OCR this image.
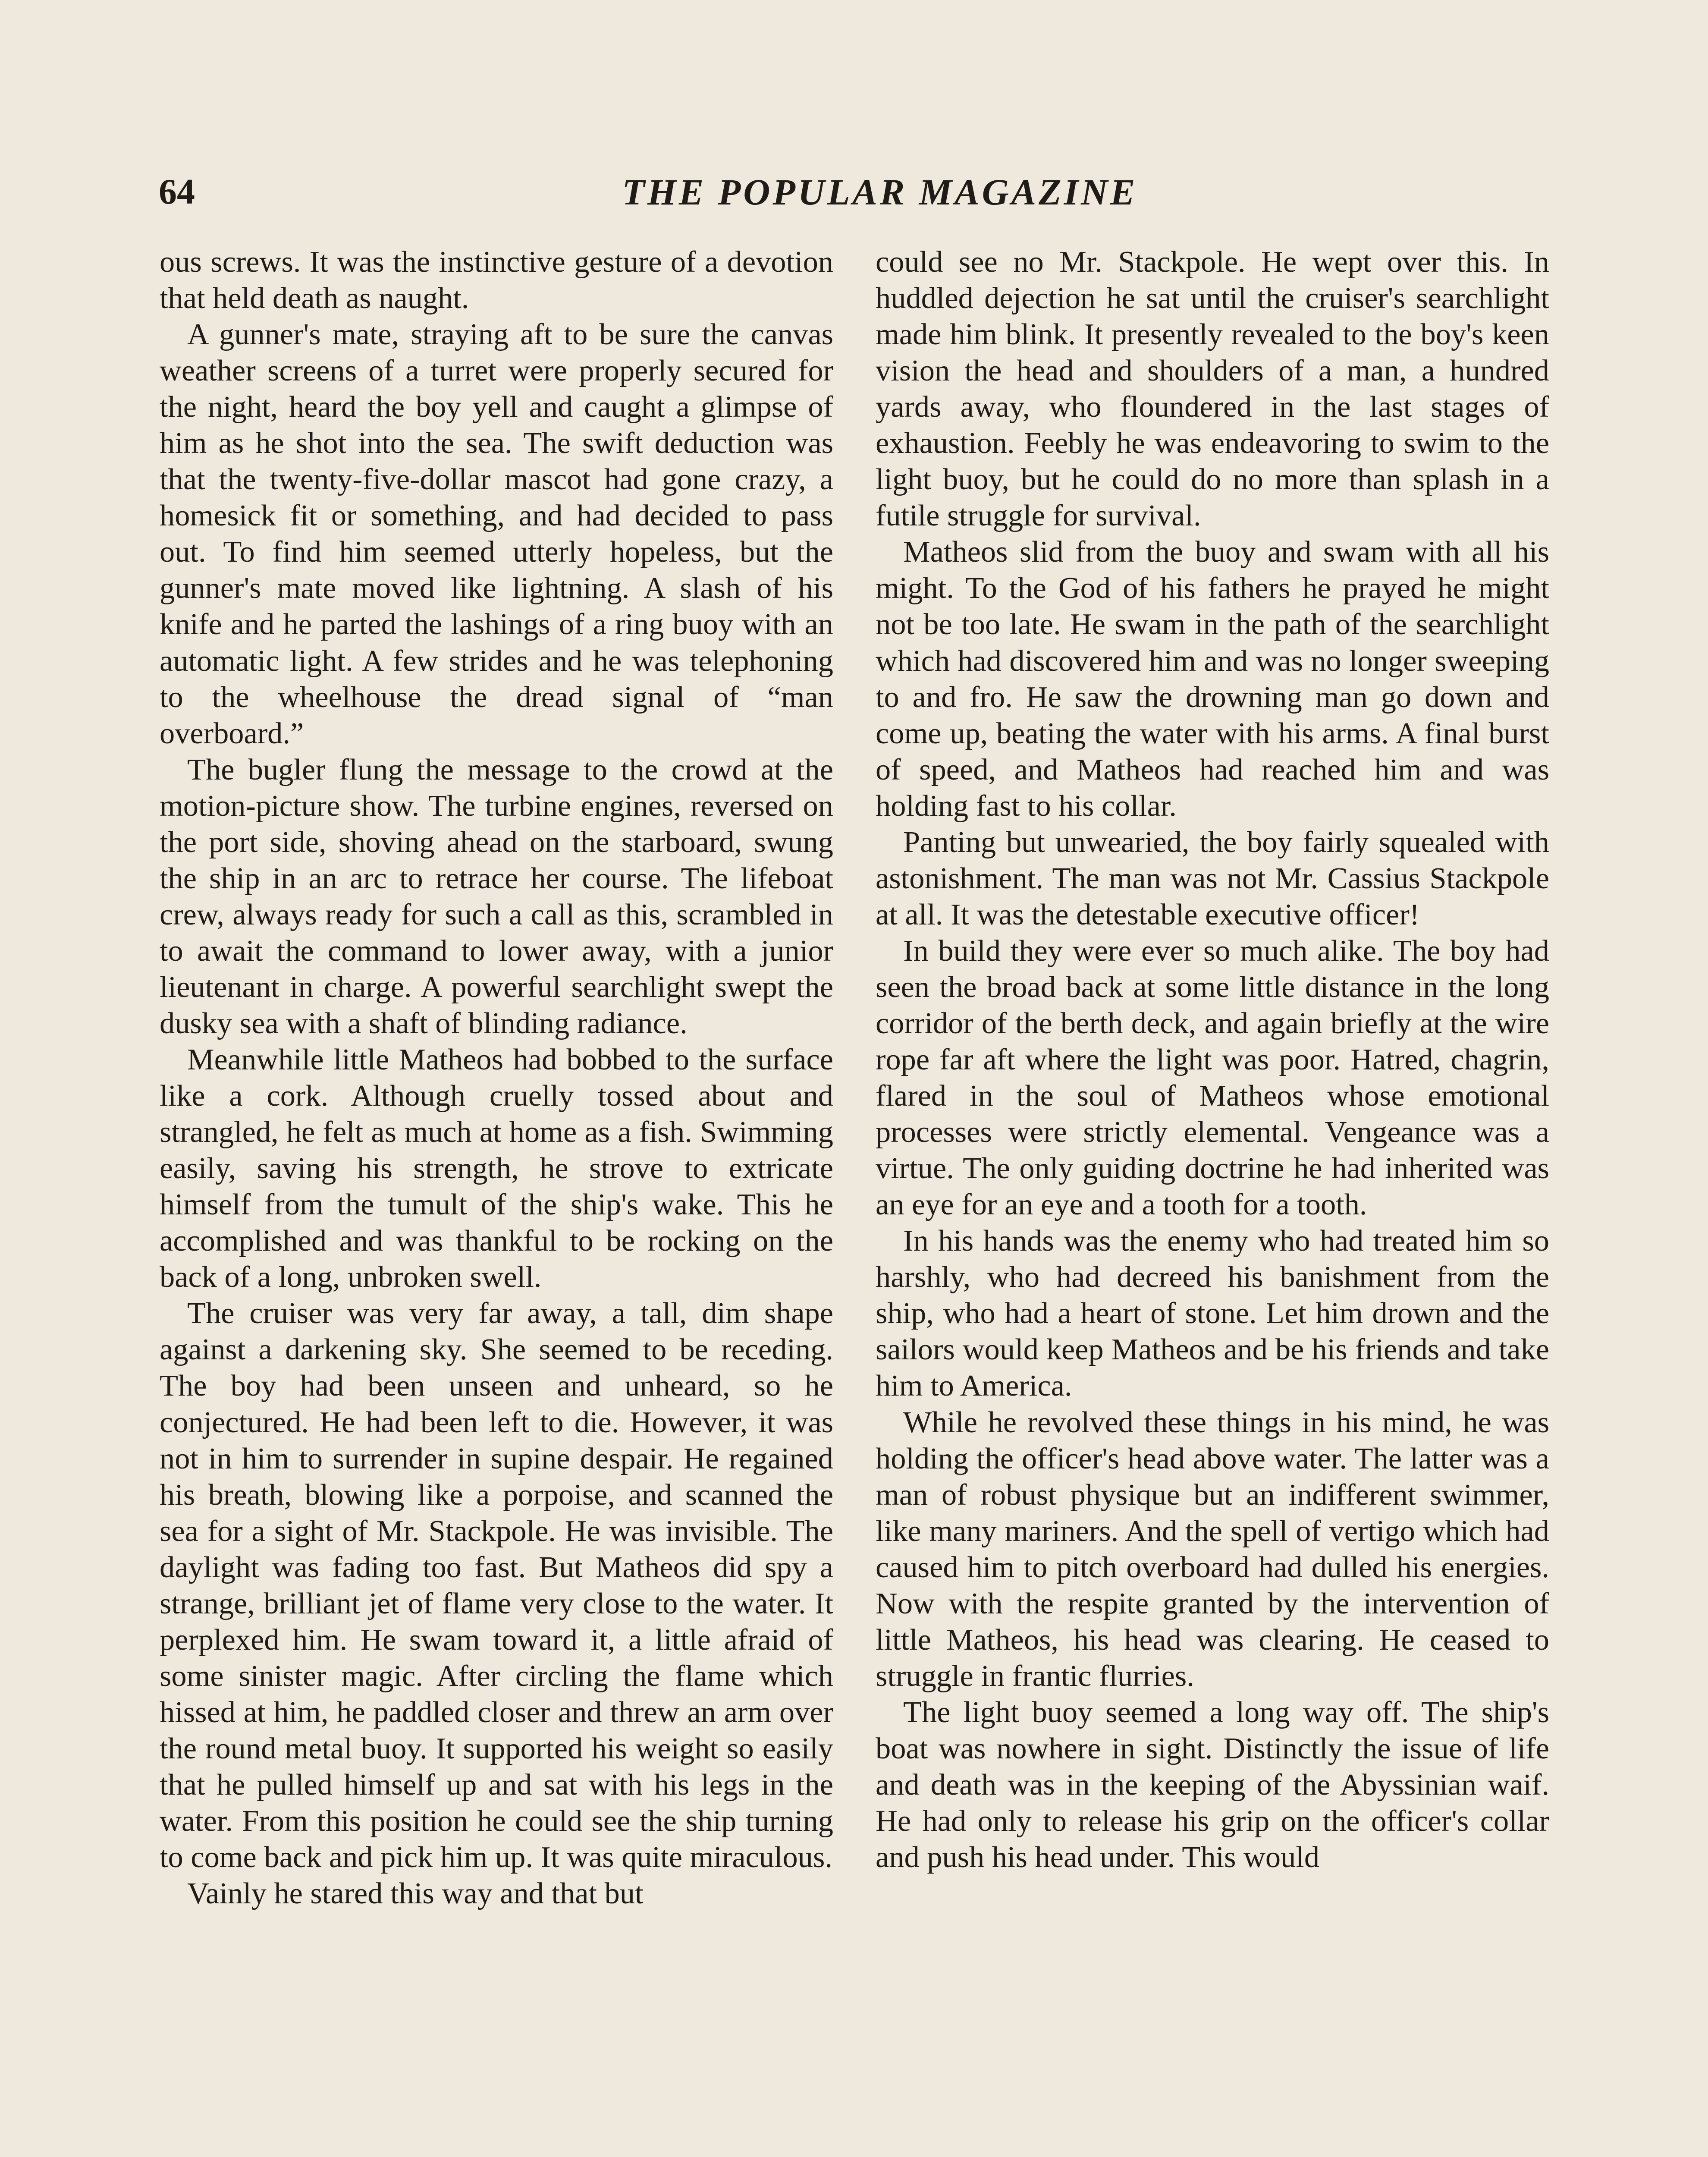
64	THE POPULAR MAGAZINE

ous screws. It was the instinctive gesture of a devotion that held death as naught.

A gunner's mate, straying aft to be sure the canvas weather screens of a turret were properly secured for the night, heard the boy yell and caught a glimpse of him as he shot into the sea. The swift deduction was that the twenty-five-dollar mascot had gone crazy, a homesick fit or something, and had decided to pass out. To find him seemed utterly hopeless, but the gunner's mate moved like lightning. A slash of his knife and he parted the lashings of a ring buoy with an automatic light. A few strides and he was telephoning to the wheelhouse the dread signal of “man overboard.”

The bugler flung the message to the crowd at the motion-picture show. The turbine engines, reversed on the port side, shoving ahead on the starboard, swung the ship in an arc to retrace her course. The lifeboat crew, always ready for such a call as this, scrambled in to await the command to lower away, with a junior lieutenant in charge. A powerful searchlight swept the dusky sea with a shaft of blinding radiance.

Meanwhile little Matheos had bobbed to the surface like a cork. Although cruelly tossed about and strangled, he felt as much at home as a fish. Swimming easily, saving his strength, he strove to extricate himself from the tumult of the ship's wake. This he accomplished and was thankful to be rocking on the back of a long, unbroken swell.

The cruiser was very far away, a tall, dim shape against a darkening sky. She seemed to be receding. The boy had been unseen and unheard, so he conjectured. He had been left to die. However, it was not in him to surrender in supine despair. He regained his breath, blowing like a porpoise, and scanned the sea for a sight of Mr. Stackpole. He was invisible. The daylight was fading too fast. But Matheos did spy a strange, brilliant jet of flame very close to the water. It perplexed him. He swam toward it, a little afraid of some sinister magic. After circling the flame which hissed at him, he paddled closer and threw an arm over the round metal buoy. It supported his weight so easily that he pulled himself up and sat with his legs in the water. From this position he could see the ship turning to come back and pick him up. It was quite miraculous.

Vainly he stared this way and that but

could see no Mr. Stackpole. He wept over this. In huddled dejection he sat until the cruiser's searchlight made him blink. It presently revealed to the boy's keen vision the head and shoulders of a man, a hundred yards away, who floundered in the last stages of exhaustion. Feebly he was endeavoring to swim to the light buoy, but he could do no more than splash in a futile struggle for survival.

Matheos slid from the buoy and swam with all his might. To the God of his fathers he prayed he might not be too late. He swam in the path of the searchlight which had discovered him and was no longer sweeping to and fro. He saw the drowning man go down and come up, beating the water with his arms. A final burst of speed, and Matheos had reached him and was holding fast to his collar.

Panting but unwearied, the boy fairly squealed with astonishment. The man was not Mr. Cassius Stackpole at all. It was the detestable executive officer!

In build they were ever so much alike. The boy had seen the broad back at some little distance in the long corridor of the berth deck, and again briefly at the wire rope far aft where the light was poor. Hatred, chagrin, flared in the soul of Matheos whose emotional processes were strictly elemental. Vengeance was a virtue. The only guiding doctrine he had inherited was an eye for an eye and a tooth for a tooth.

In his hands was the enemy who had treated him so harshly, who had decreed his banishment from the ship, who had a heart of stone. Let him drown and the sailors would keep Matheos and be his friends and take him to America.

While he revolved these things in his mind, he was holding the officer's head above water. The latter was a man of robust physique but an indifferent swimmer, like many mariners. And the spell of vertigo which had caused him to pitch overboard had dulled his energies. Now with the respite granted by the intervention of little Matheos, his head was clearing. He ceased to struggle in frantic flurries.

The light buoy seemed a long way off. The ship's boat was nowhere in sight. Distinctly the issue of life and death was in the keeping of the Abyssinian waif. He had only to release his grip on the officer's collar and push his head under. This would
